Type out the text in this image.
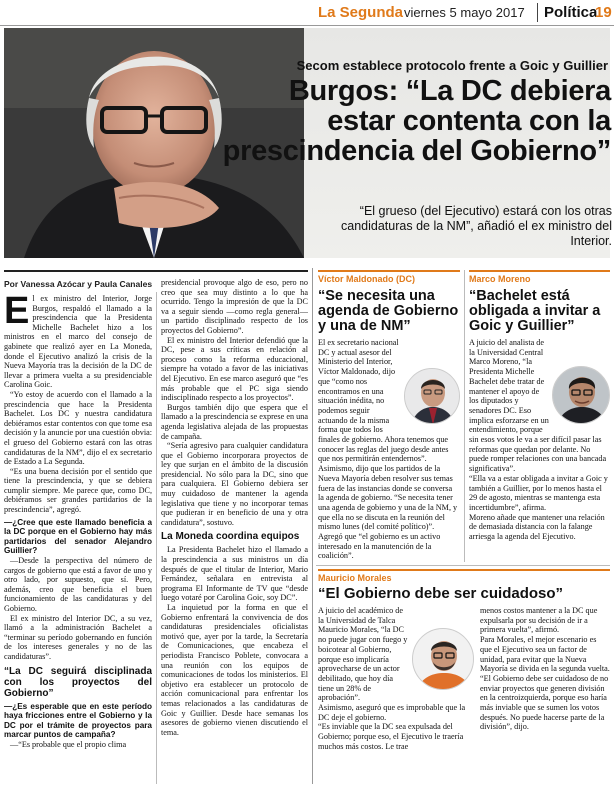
La Segunda viernes 5 mayo 2017 Política
19
Secom establece protocolo frente a Goic y Guillier
Burgos: “La DC debiera estar contenta con la prescindencia del Gobierno”
“El grueso (del Ejecutivo) estará con los otras candidaturas de la NM”, añadió el ex ministro del Interior.
Por Vanessa Azócar y Paula Canales
E l ex ministro del Interior, Jorge Burgos, respaldó el llamado a la prescindencia que la Presidenta Michelle Bachelet hizo a los ministros en el marco del consejo de gabinete que realizó ayer en La Moneda, donde el Ejecutivo analizó la crisis de la Nueva Mayoría tras la decisión de la DC de llevar a primera vuelta a su presidenciable Carolina Goic.

“Yo estoy de acuerdo con el llamado a la prescindencia que hace la Presidenta Bachelet. Los DC y nuestra candidatura debiéramos estar contentos con que tome esa decisión y la anuncie por una cuestión obvia: el grueso del Gobierno estará con las otras candidaturas de la NM”, dijo el ex secretario de Estado a La Segunda.

“Es una buena decisión por el sentido que tiene la prescindencia, y que se debiera cumplir siempre. Me parece que, como DC, debiéramos ser grandes partidarios de la prescindencia”, agregó.

—¿Cree que este llamado beneficia a la DC porque en el Gobierno hay más partidarios del senador Alejandro Guillier?

—Desde la perspectiva del número de cargos de gobierno que está a favor de uno y otro lado, por supuesto, que sí. Pero, además, creo que beneficia el buen funcionamiento de las candidaturas y del Gobierno.

El ex ministro del Interior DC, a su vez, llamó a la administración Bachelet a “terminar su período gobernando en función de los intereses generales y no de las candidaturas”.

“La DC seguirá disciplinada con los proyectos del Gobierno”

—¿Es esperable que en este período haya fricciones entre el Gobierno y la DC por el trámite de proyectos para marcar puntos de campaña?

—“Es probable que el propio clima

presidencial provoque algo de eso, pero no creo que sea muy distinto a lo que ha ocurrido. Tengo la impresión de que la DC va a seguir siendo —como regla general— un partido disciplinado respecto de los proyectos del Gobierno”.

El ex ministro del Interior defendió que la DC, pese a sus críticas en relación al proceso como la reforma educacional, siempre ha votado a favor de las iniciativas del Ejecutivo. En ese marco aseguró que “es más probable que el PC siga siendo indisciplinado respecto a los proyectos”.

Burgos también dijo que espera que el llamado a la prescindencia se exprese en una agenda legislativa alejada de las propuestas de campaña.

“Sería agresivo para cualquier candidatura que el Gobierno incorporara proyectos de ley que surjan en el ámbito de la discusión presidencial. No sólo para la DC, sino que para cualquiera. El Gobierno debiera ser muy cuidadoso de mantener la agenda legislativa que tiene y no incorporar temas que pudieran ir en beneficio de una y otra candidatura”, sostuvo.

La Moneda coordina equipos

La Presidenta Bachelet hizo el llamado a la prescindencia a sus ministros un día después de que el titular de Interior, Mario Fernández, señalara en entrevista al programa El Informante de TV que “desde luego votaré por Carolina Goic, soy DC”.

La inquietud por la forma en que el Gobierno enfrentará la convivencia de dos candidaturas presidenciales oficialistas motivó que, ayer por la tarde, la Secretaría de Comunicaciones, que encabeza el periodista Francisco Poblete, convocara a una reunión con los equipos de comunicaciones de todos los ministerios. El objetivo era establecer un protocolo de acción comunicacional para enfrentar los temas relacionados a las candidaturas de Goic y Guillier. Desde hace semanas los asesores de gobierno vienen discutiendo el tema.

Víctor Maldonado (DC)
“Se necesita una agenda de Gobierno y una de NM”

El ex secretario nacional DC y actual asesor del Ministerio del Interior, Víctor Maldonado, dijo que “como nos encontramos en una situación inédita, no podemos seguir actuando de la misma forma que todos los finales de gobierno. Ahora tenemos que conocer las reglas del juego desde antes que nos permitirán entendernos”.

Asimismo, dijo que los partidos de la Nueva Mayoría deben resolver sus temas fuera de las instancias donde se conversa la agenda de gobierno. “Se necesita tener una agenda de gobierno y una de la NM, y que ella no se discuta en la reunión del mismo lunes (del comité político)”. Agregó que “el gobierno es un activo interesado en la manutención de la coalición”.

Marco Moreno
“Bachelet está obligada a invitar a Goic y Guillier”

A juicio del analista de la Universidad Central Marco Moreno, “la Presidenta Michelle Bachelet debe tratar de mantener el apoyo de los diputados y senadores DC. Eso implica esforzarse en un entendimiento, porque sin esos votos le va a ser difícil pasar las reformas que quedan por delante. No puede romper relaciones con una bancada significativa”.

“Ella va a estar obligada a invitar a Goic y también a Guillier, por lo menos hasta el 29 de agosto, mientras se mantenga esta incertidumbre”, afirma.

Moreno añade que mantener una relación de demasiada distancia con la falange arriesga la agenda del Ejecutivo.

Mauricio Morales
“El Gobierno debe ser cuidadoso”

A juicio del académico de la Universidad de Talca Mauricio Morales, “la DC no puede jugar con fuego y boicotear al Gobierno, porque eso implicaría aprovecharse de un actor debilitado, que hoy día tiene un 28% de aprobación”.

Asimismo, aseguró que es improbable que la DC deje el gobierno.

“Es inviable que la DC sea expulsada del Gobierno; porque eso, el Ejecutivo le traería muchos más costos. Le trae

menos costos mantener a la DC que expulsarla por su decisión de ir a primera vuelta”, afirmó.

Para Morales, el mejor escenario es que el Ejecutivo sea un factor de unidad, para evitar que la Nueva Mayoría se divida en la segunda vuelta.

“El Gobierno debe ser cuidadoso de no enviar proyectos que generen división en la centroizquierda, porque eso haría más inviable que se sumen los votos después. No puede hacerse parte de la división”, dijo.
